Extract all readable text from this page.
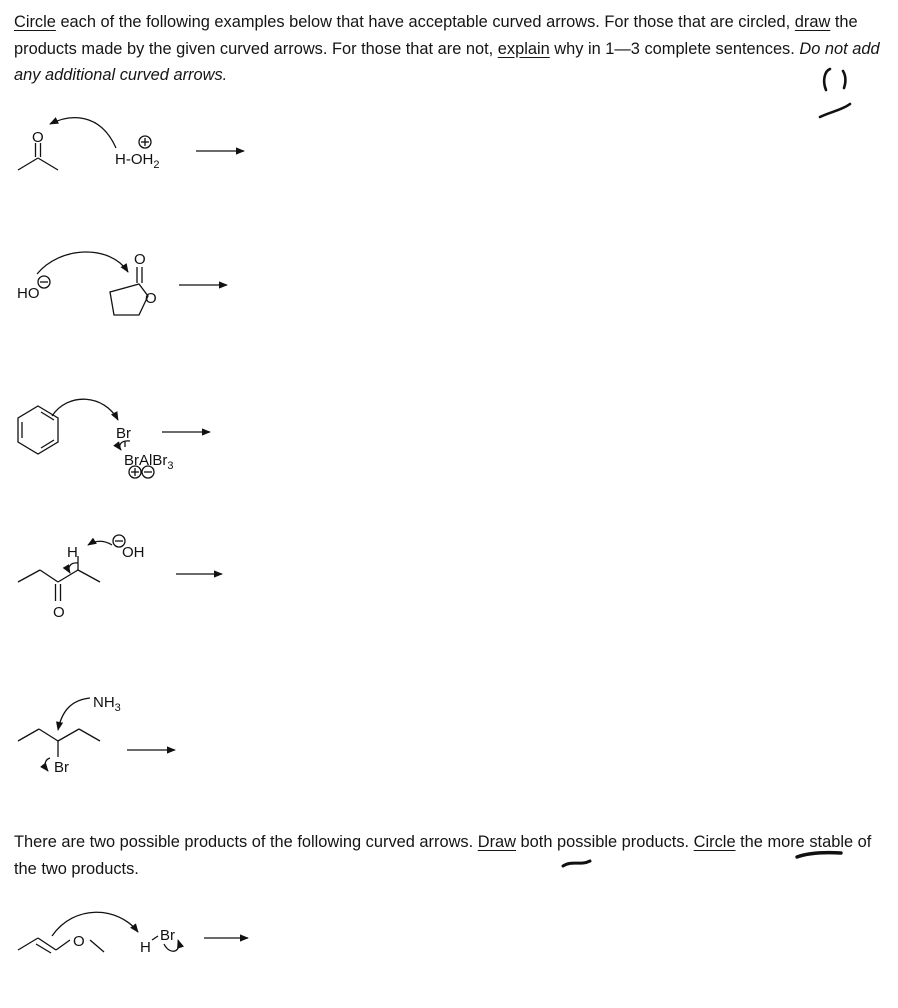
Circle each of the following examples below that have acceptable curved arrows. For those that are circled, draw the products made by the given curved arrows. For those that are not, explain why in 1—3 complete sentences. Do not add any additional curved arrows.
There are two possible products of the following curved arrows. Draw both possible products. Circle the more stable of the two products.
O
$H-OH_2$
HO
O
O
Br
BrAlBr$_3$
H	OH
O
$NH_3$
Br
O	H
Br
